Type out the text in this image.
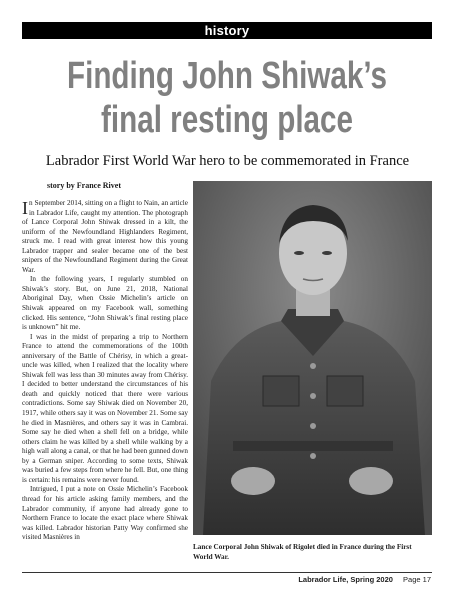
history
Finding John Shiwak’s
final resting place
Labrador First World War hero to be commemorated in France
story by France Rivet

In September 2014, sitting on a flight to Nain, an article in Labrador Life, caught my attention. The photograph of Lance Corporal John Shiwak dressed in a kilt, the uniform of the Newfoundland Highlanders Regiment, struck me. I read with great interest how this young Labrador trapper and sealer became one of the best snipers of the Newfoundland Regiment during the Great War.

In the following years, I regularly stumbled on Shiwak’s story. But, on June 21, 2018, National Aboriginal Day, when Ossie Michelin’s article on Shiwak appeared on my Facebook wall, something clicked. His sentence, “John Shiwak’s final resting place is unknown” hit me.

I was in the midst of preparing a trip to Northern France to attend the commemorations of the 100th anniversary of the Battle of Chérisy, in which a great-uncle was killed, when I realized that the locality where Shiwak fell was less than 30 minutes away from Chérisy. I decided to better understand the circumstances of his death and quickly noticed that there were various contradictions. Some say Shiwak died on November 20, 1917, while others say it was on November 21. Some say he died in Masnières, and others say it was in Cambrai. Some say he died when a shell fell on a bridge, while others claim he was killed by a shell while walking by a high wall along a canal, or that he had been gunned down by a German sniper. According to some texts, Shiwak was buried a few steps from where he fell. But, one thing is certain: his remains were never found.

Intrigued, I put a note on Ossie Michelin’s Facebook thread for his article asking family members, and the Labrador community, if anyone had already gone to Northern France to locate the exact place where Shiwak was killed. Labrador historian Patty Way confirmed she visited Masnières in

Lance Corporal John Shiwak of Rigolet died in France during the First World War.
Labrador Life, Spring 2020 Page 17
